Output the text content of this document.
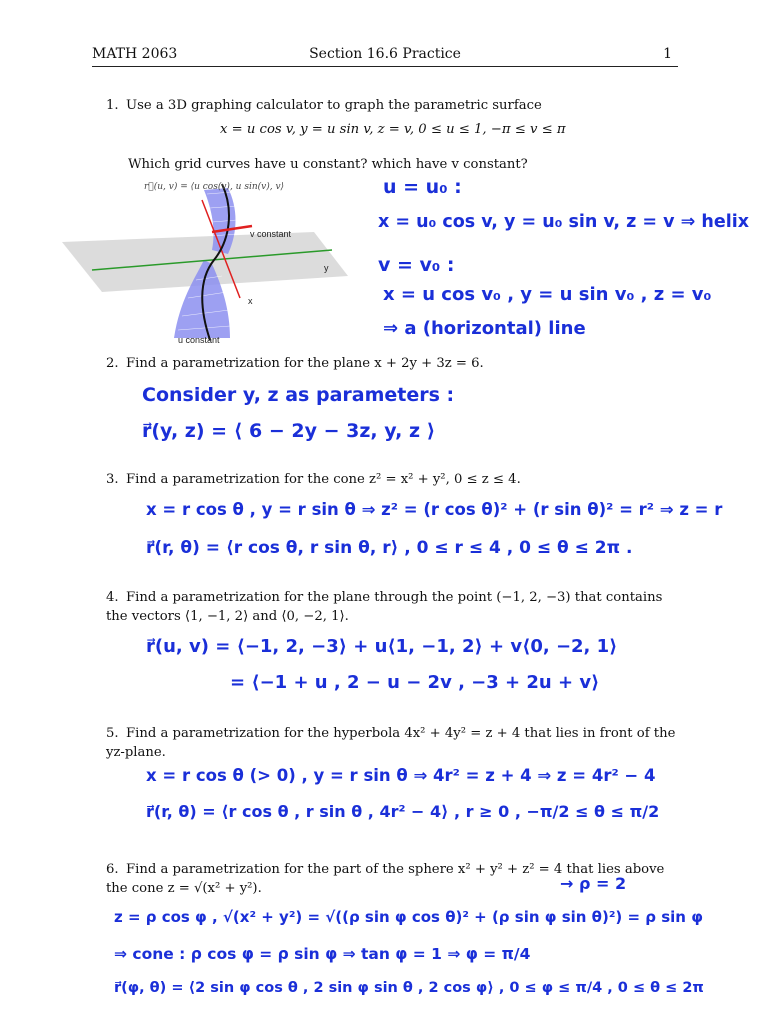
MATH 2063	Section 16.6 Practice	1
1. Use a 3D graphing calculator to graph the parametric surface
x = u cos v, y = u sin v, z = v, 0 ≤ u ≤ 1, −π ≤ v ≤ π
Which grid curves have u constant? which have v constant?
r⃗(u, v) = ⟨u cos(v), u sin(v), v⟩
v constant
u constant
y
x
u = u₀ :
x = u₀ cos v, y = u₀ sin v, z = v ⇒ helix
v = v₀ :
x = u cos v₀ , y = u sin v₀ , z = v₀
⇒ a (horizontal) line
2. Find a parametrization for the plane x + 2y + 3z = 6.
Consider y, z as parameters :
r⃗(y, z) = ⟨ 6 − 2y − 3z, y, z ⟩
3. Find a parametrization for the cone z² = x² + y², 0 ≤ z ≤ 4.
x = r cos θ , y = r sin θ ⇒ z² = (r cos θ)² + (r sin θ)² = r² ⇒ z = r
r⃗(r, θ) = ⟨r cos θ, r sin θ, r⟩ , 0 ≤ r ≤ 4 , 0 ≤ θ ≤ 2π .
4. Find a parametrization for the plane through the point (−1, 2, −3) that contains the vectors ⟨1, −1, 2⟩ and ⟨0, −2, 1⟩.
r⃗(u, v) = ⟨−1, 2, −3⟩ + u⟨1, −1, 2⟩ + v⟨0, −2, 1⟩
= ⟨−1 + u , 2 − u − 2v , −3 + 2u + v⟩
5. Find a parametrization for the hyperbola 4x² + 4y² = z + 4 that lies in front of the yz-plane.
x = r cos θ (> 0) , y = r sin θ ⇒ 4r² = z + 4 ⇒ z = 4r² − 4
r⃗(r, θ) = ⟨r cos θ , r sin θ , 4r² − 4⟩ , r ≥ 0 , −π/2 ≤ θ ≤ π/2
6. Find a parametrization for the part of the sphere x² + y² + z² = 4 that lies above the cone z = √(x² + y²).	→ ρ = 2
z = ρ cos φ , √(x² + y²) = √((ρ sin φ cos θ)² + (ρ sin φ sin θ)²) = ρ sin φ
⇒ cone : ρ cos φ = ρ sin φ ⇒ tan φ = 1 ⇒ φ = π/4
r⃗(φ, θ) = ⟨2 sin φ cos θ , 2 sin φ sin θ , 2 cos φ⟩ , 0 ≤ φ ≤ π/4 , 0 ≤ θ ≤ 2π
